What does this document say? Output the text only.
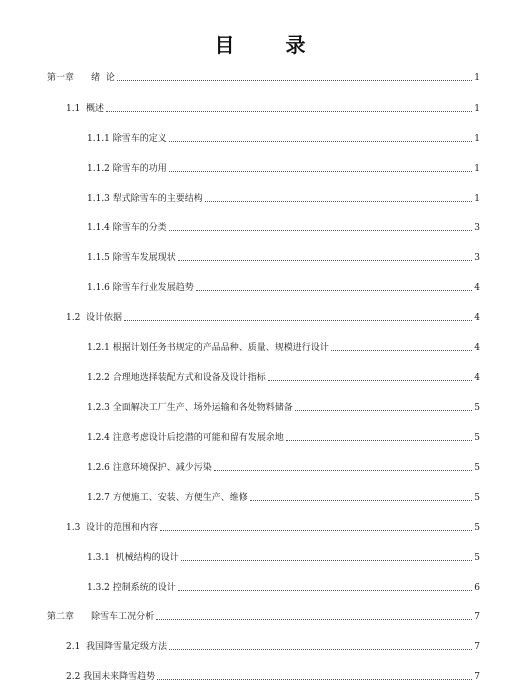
目 录
第一章      绪  论	1
1.1  概述	1
1.1.1 除雪车的定义	1
1.1.2 除雪车的功用	1
1.1.3 犁式除雪车的主要结构	1
1.1.4 除雪车的分类	3
1.1.5 除雪车发展现状	3
1.1.6 除雪车行业发展趋势	4
1.2  设计依据	4
1.2.1 根据计划任务书规定的产品品种、质量、规模进行设计	4
1.2.2 合理地选择装配方式和设备及设计指标	4
1.2.3 全面解决工厂生产、场外运输和各处物料储备	5
1.2.4 注意考虑设计后挖潜的可能和留有发展余地	5
1.2.6 注意环境保护、减少污染	5
1.2.7 方便施工、安装、方便生产、维修	5
1.3  设计的范围和内容	5
1.3.1  机械结构的设计	5
1.3.2 控制系统的设计	6
第二章      除雪车工况分析	7
2.1  我国降雪量定级方法	7
2.2 我国未来降雪趋势	7
